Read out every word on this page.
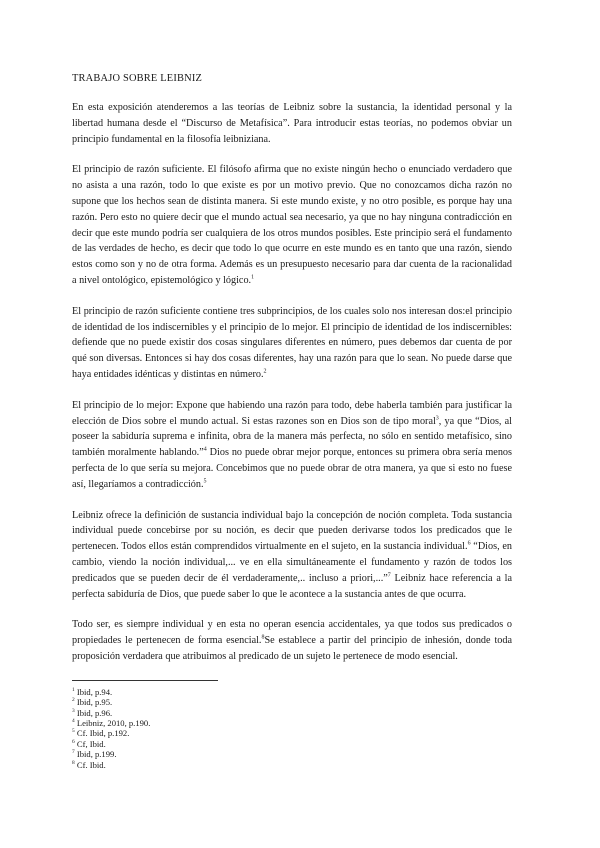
TRABAJO SOBRE LEIBNIZ

En esta exposición atenderemos a las teorías de Leibniz sobre la sustancia, la identidad personal y la libertad humana desde el “Discurso de Metafísica”. Para introducir estas teorías, no podemos obviar un principio fundamental en la filosofía leibniziana.

El principio de razón suficiente. El filósofo afirma que no existe ningún hecho o enunciado verdadero que no asista a una razón, todo lo que existe es por un motivo previo. Que no conozcamos dicha razón no supone que los hechos sean de distinta manera. Si este mundo existe, y no otro posible, es porque hay una razón. Pero esto no quiere decir que el mundo actual sea necesario, ya que no hay ninguna contradicción en decir que este mundo podría ser cualquiera de los otros mundos posibles. Este principio será el fundamento de las verdades de hecho, es decir que todo lo que ocurre en este mundo es en tanto que una razón, siendo estos como son y no de otra forma. Además es un presupuesto necesario para dar cuenta de la racionalidad a nivel ontológico, epistemológico y lógico.$^1$

El principio de razón suficiente contiene tres subprincipios, de los cuales solo nos interesan dos:el principio de identidad de los indiscernibles y el principio de lo mejor. El principio de identidad de los indiscernibles: defiende que no puede existir dos cosas singulares diferentes en número, pues debemos dar cuenta de por qué son diversas. Entonces si hay dos cosas diferentes, hay una razón para que lo sean. No puede darse que haya entidades idénticas y distintas en número.$^2$

El principio de lo mejor: Expone que habiendo una razón para todo, debe haberla también para justificar la elección de Dios sobre el mundo actual. Si estas razones son en Dios son de tipo moral$^3$, ya que “Dios, al poseer la sabiduría suprema e infinita, obra de la manera más perfecta, no sólo en sentido metafísico, sino también moralmente hablando.”$^4$ Dios no puede obrar mejor porque, entonces su primera obra sería menos perfecta de lo que sería su mejora. Concebimos que no puede obrar de otra manera, ya que si esto no fuese así, llegaríamos a contradicción.$^5$

Leibniz ofrece la definición de sustancia individual bajo la concepción de noción completa. Toda sustancia individual puede concebirse por su noción, es decir que pueden derivarse todos los predicados que le pertenecen. Todos ellos están comprendidos virtualmente en el sujeto, en la sustancia individual.$^6$ “Dios, en cambio, viendo la noción individual,... ve en ella simultáneamente el fundamento y razón de todos los predicados que se pueden decir de él verdaderamente,.. incluso a priori,...”$^7$ Leibniz hace referencia a la perfecta sabiduría de Dios, que puede saber lo que le acontece a la sustancia antes de que ocurra.

Todo ser, es siempre individual y en esta no operan esencia accidentales, ya que todos sus predicados o propiedades le pertenecen de forma esencial.$^8$Se establece a partir del principio de inhesión, donde toda proposición verdadera que atribuimos al predicado de un sujeto le pertenece de modo esencial.

$^1$ Ibid, p.94.
$^2$ Ibid, p.95.
$^3$ Ibid, p.96.
$^4$ Leibniz, 2010, p.190.
$^5$ Cf. Ibid, p.192.
$^6$ Cf, Ibid.
$^7$ Ibid, p.199.
$^8$ Cf. Ibid.
